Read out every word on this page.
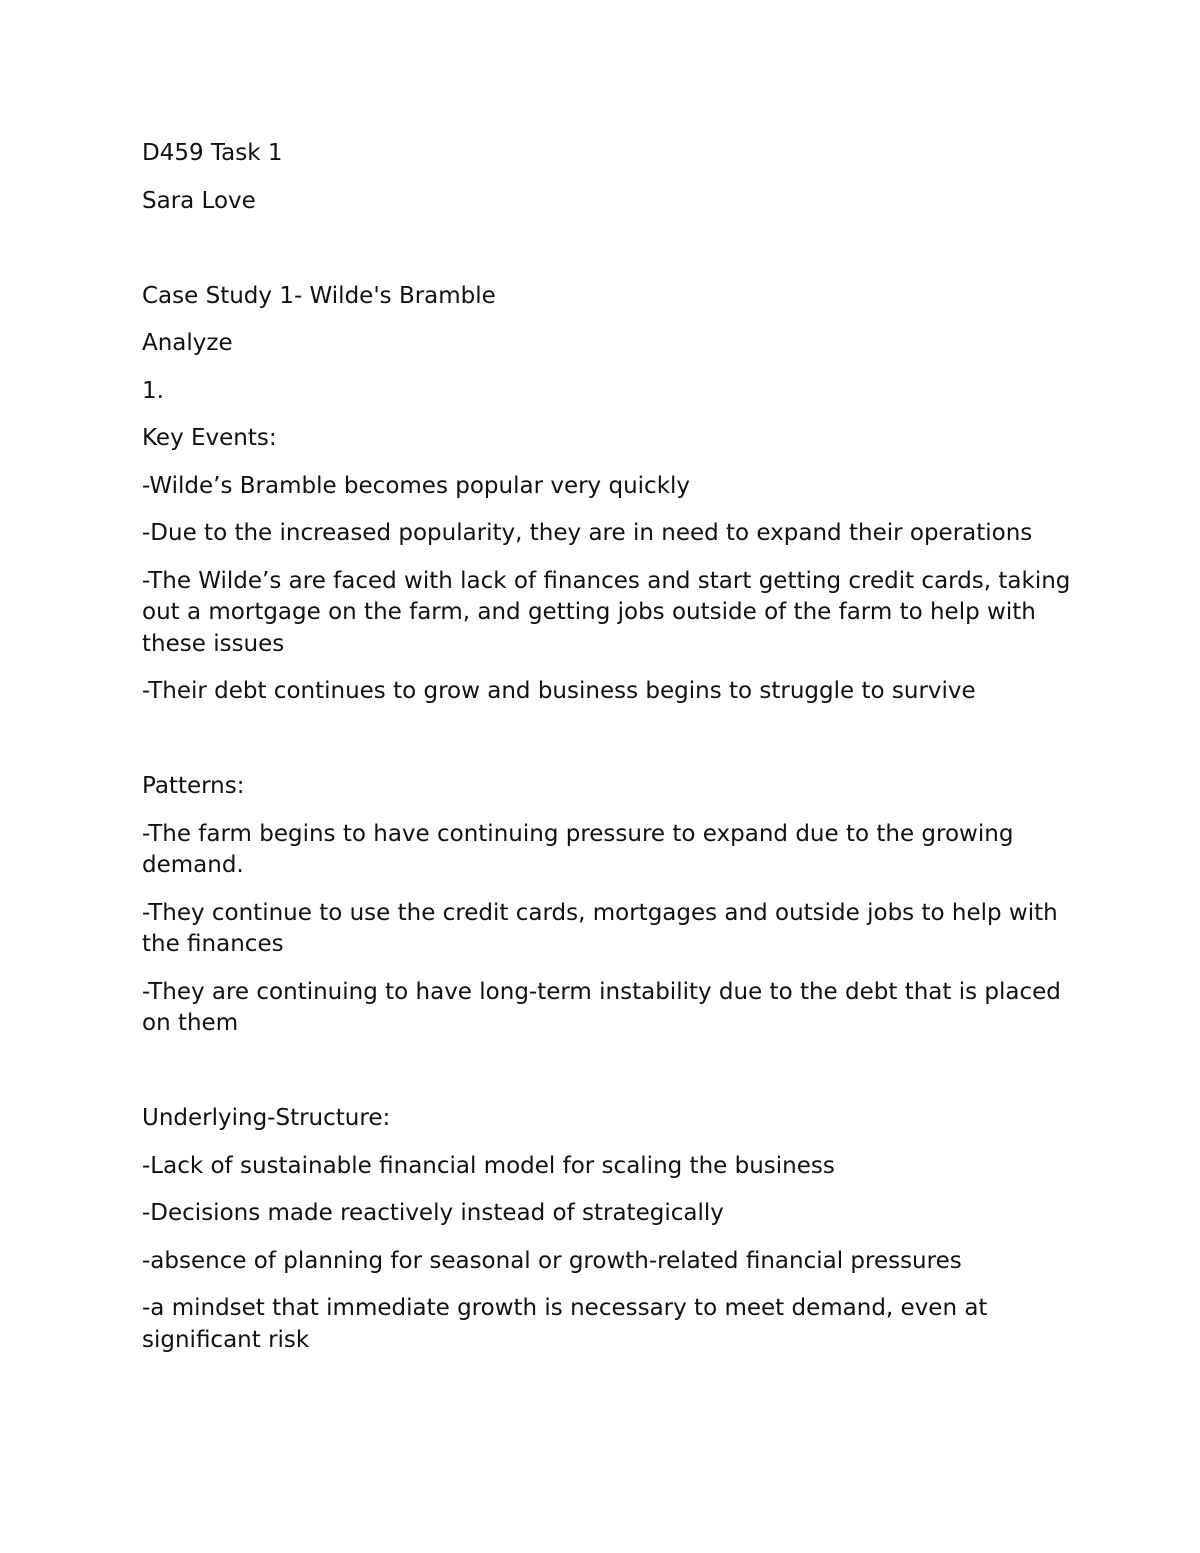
D459 Task 1

Sara Love

Case Study 1- Wilde's Bramble

Analyze

1.

Key Events:

-Wilde’s Bramble becomes popular very quickly

-Due to the increased popularity, they are in need to expand their operations

-The Wilde’s are faced with lack of finances and start getting credit cards, taking out a mortgage on the farm, and getting jobs outside of the farm to help with these issues

-Their debt continues to grow and business begins to struggle to survive

Patterns:

-The farm begins to have continuing pressure to expand due to the growing demand.

-They continue to use the credit cards, mortgages and outside jobs to help with the finances

-They are continuing to have long-term instability due to the debt that is placed on them

Underlying-Structure:

-Lack of sustainable financial model for scaling the business

-Decisions made reactively instead of strategically

-absence of planning for seasonal or growth-related financial pressures

-a mindset that immediate growth is necessary to meet demand, even at significant risk
